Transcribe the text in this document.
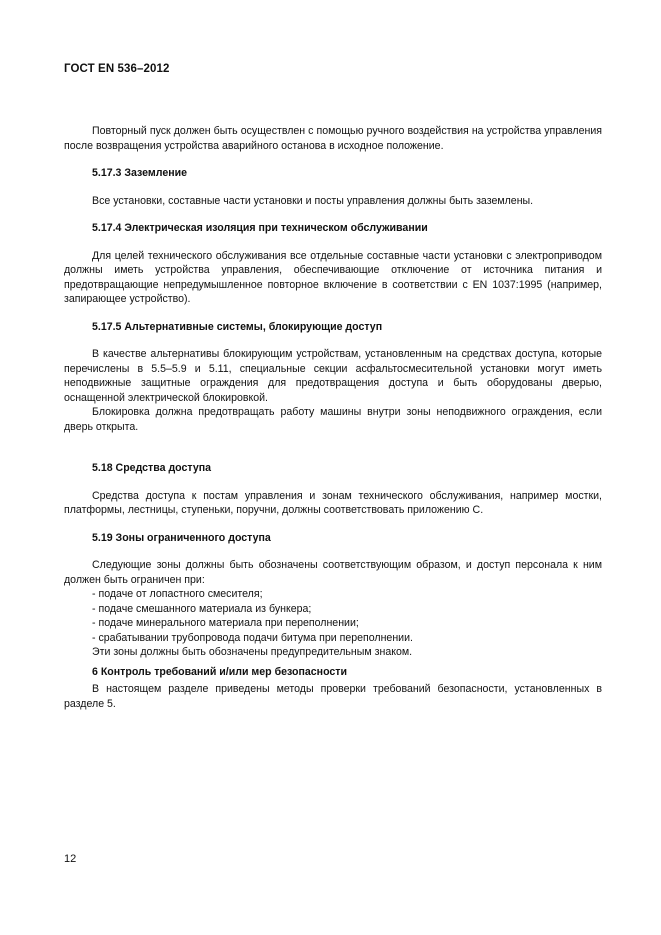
ГОСТ EN 536–2012

Повторный пуск должен быть осуществлен с помощью ручного воздействия на устройства управления после возвращения устройства аварийного останова в исходное положение.

5.17.3 Заземление

Все установки, составные части установки и посты управления должны быть заземлены.

5.17.4 Электрическая изоляция при техническом обслуживании

Для целей технического обслуживания все отдельные составные части установки с электроприводом должны иметь устройства управления, обеспечивающие отключение от источника питания и предотвращающие непредумышленное повторное включение в соответствии с EN 1037:1995 (например, запирающее устройство).

5.17.5 Альтернативные системы, блокирующие доступ

В качестве альтернативы блокирующим устройствам, установленным на средствах доступа, которые перечислены в 5.5–5.9 и 5.11, специальные секции асфальтосмесительной установки могут иметь неподвижные защитные ограждения для предотвращения доступа и быть оборудованы дверью, оснащенной электрической блокировкой.

Блокировка должна предотвращать работу машины внутри зоны неподвижного ограждения, если дверь открыта.

5.18 Средства доступа

Средства доступа к постам управления и зонам технического обслуживания, например мостки, платформы, лестницы, ступеньки, поручни, должны соответствовать приложению С.

5.19 Зоны ограниченного доступа

Следующие зоны должны быть обозначены соответствующим образом, и доступ персонала к ним должен быть ограничен при:

- подаче от лопастного смесителя;

- подаче смешанного материала из бункера;

- подаче минерального материала при переполнении;

- срабатывании трубопровода подачи битума при переполнении.

Эти зоны должны быть обозначены предупредительным знаком.

6 Контроль требований и/или мер безопасности

В настоящем разделе приведены методы проверки требований безопасности, установленных в разделе 5.

12
